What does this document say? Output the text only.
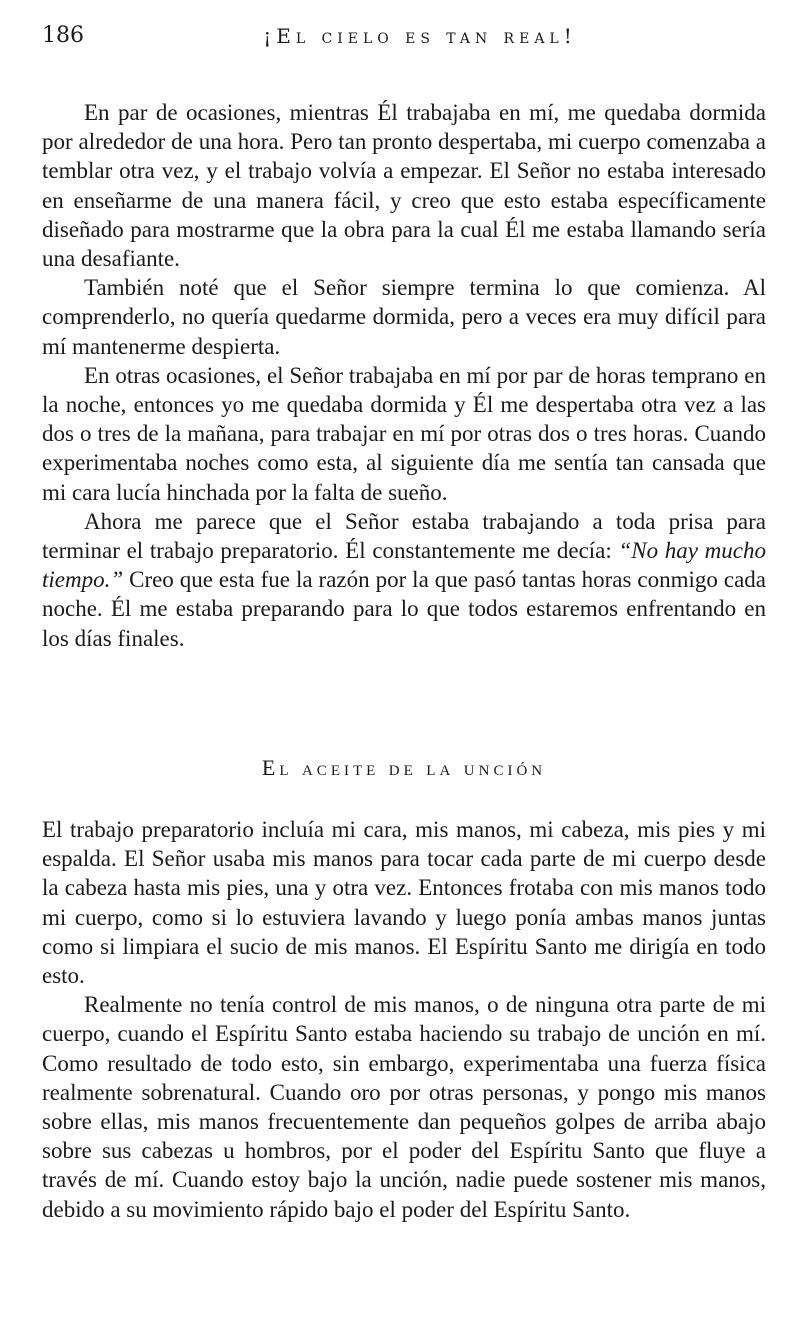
186	¡El cielo es tan real!

En par de ocasiones, mientras Él trabajaba en mí, me quedaba dormida por alrededor de una hora. Pero tan pronto despertaba, mi cuerpo comenzaba a temblar otra vez, y el trabajo volvía a empezar. El Señor no estaba interesado en enseñarme de una manera fácil, y creo que esto estaba específicamente diseñado para mostrarme que la obra para la cual Él me estaba llamando sería una desafiante.

También noté que el Señor siempre termina lo que comienza. Al comprenderlo, no quería quedarme dormida, pero a veces era muy difícil para mí mantenerme despierta.

En otras ocasiones, el Señor trabajaba en mí por par de horas temprano en la noche, entonces yo me quedaba dormida y Él me despertaba otra vez a las dos o tres de la mañana, para trabajar en mí por otras dos o tres horas. Cuando experimentaba noches como esta, al siguiente día me sentía tan cansada que mi cara lucía hinchada por la falta de sueño.

Ahora me parece que el Señor estaba trabajando a toda prisa para terminar el trabajo preparatorio. Él constantemente me decía: “No hay mucho tiempo.” Creo que esta fue la razón por la que pasó tantas horas conmigo cada noche. Él me estaba preparando para lo que todos estaremos enfrentando en los días finales.

El aceite de la unción

El trabajo preparatorio incluía mi cara, mis manos, mi cabeza, mis pies y mi espalda. El Señor usaba mis manos para tocar cada parte de mi cuerpo desde la cabeza hasta mis pies, una y otra vez. Entonces frotaba con mis manos todo mi cuerpo, como si lo estuviera lavando y luego ponía ambas manos juntas como si limpiara el sucio de mis manos. El Espíritu Santo me dirigía en todo esto.

Realmente no tenía control de mis manos, o de ninguna otra parte de mi cuerpo, cuando el Espíritu Santo estaba haciendo su trabajo de unción en mí. Como resultado de todo esto, sin embargo, experimentaba una fuerza física realmente sobrenatural. Cuando oro por otras personas, y pongo mis manos sobre ellas, mis manos frecuentemente dan pequeños golpes de arriba abajo sobre sus cabezas u hombros, por el poder del Espíritu Santo que fluye a través de mí. Cuando estoy bajo la unción, nadie puede sostener mis manos, debido a su movimiento rápido bajo el poder del Espíritu Santo.
